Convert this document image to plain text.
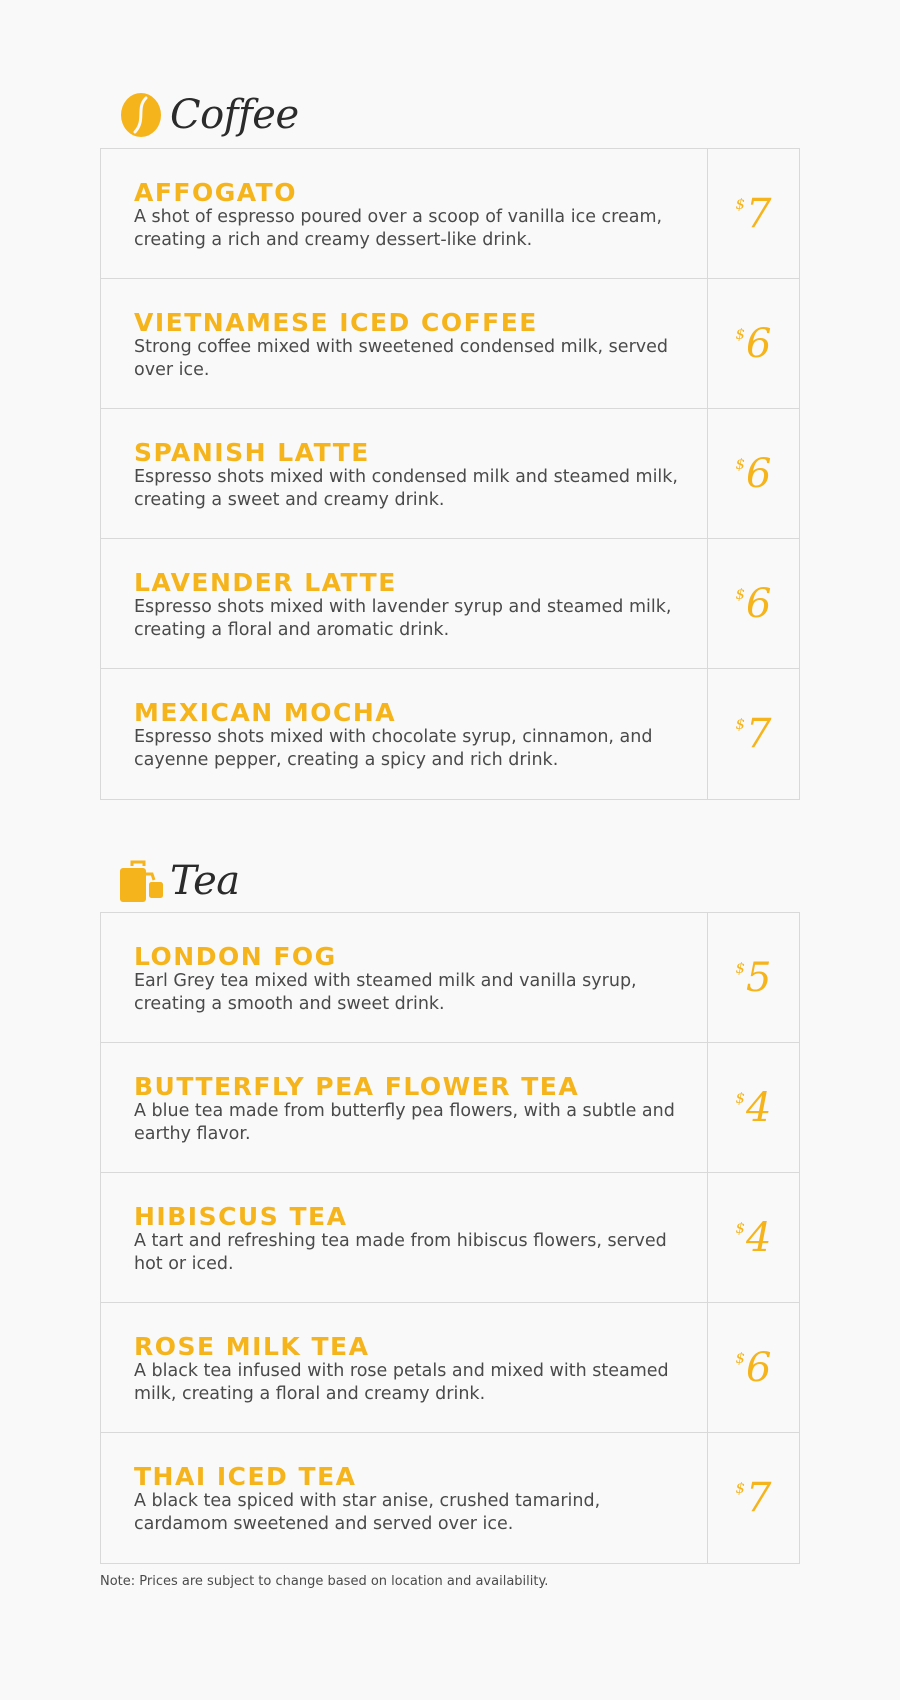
Coffee
AFFOGATO
A shot of espresso poured over a scoop of vanilla ice cream, creating a rich and creamy dessert-like drink.
$ 7
VIETNAMESE ICED COFFEE
Strong coffee mixed with sweetened condensed milk, served over ice.
$ 6
SPANISH LATTE
Espresso shots mixed with condensed milk and steamed milk, creating a sweet and creamy drink.
$ 6
LAVENDER LATTE
Espresso shots mixed with lavender syrup and steamed milk, creating a floral and aromatic drink.
$ 6
MEXICAN MOCHA
Espresso shots mixed with chocolate syrup, cinnamon, and cayenne pepper, creating a spicy and rich drink.
$ 7
Tea
LONDON FOG
Earl Grey tea mixed with steamed milk and vanilla syrup, creating a smooth and sweet drink.
$ 5
BUTTERFLY PEA FLOWER TEA
A blue tea made from butterfly pea flowers, with a subtle and earthy flavor.
$ 4
HIBISCUS TEA
A tart and refreshing tea made from hibiscus flowers, served hot or iced.
$ 4
ROSE MILK TEA
A black tea infused with rose petals and mixed with steamed milk, creating a floral and creamy drink.
$ 6
THAI ICED TEA
A black tea spiced with star anise, crushed tamarind, cardamom sweetened and served over ice.
$ 7
Note: Prices are subject to change based on location and availability.
